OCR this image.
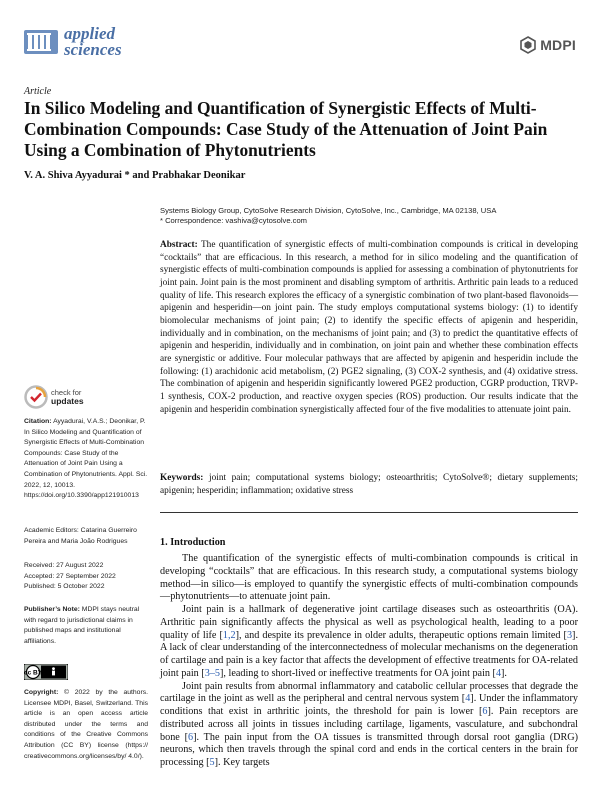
applied
sciences	MDPI
Article
In Silico Modeling and Quantification of Synergistic Effects of Multi-Combination Compounds: Case Study of the Attenuation of Joint Pain Using a Combination of Phytonutrients
V. A. Shiva Ayyadurai * and Prabhakar Deonikar
Systems Biology Group, CytoSolve Research Division, CytoSolve, Inc., Cambridge, MA 02138, USA
* Correspondence: vashiva@cytosolve.com
Abstract: The quantification of synergistic effects of multi-combination compounds is critical in developing “cocktails” that are efficacious. In this research, a method for in silico modeling and the quantification of synergistic effects of multi-combination compounds is applied for assessing a combination of phytonutrients for joint pain. Joint pain is the most prominent and disabling symptom of arthritis. Arthritic pain leads to a reduced quality of life. This research explores the efficacy of a synergistic combination of two plant-based flavonoids—apigenin and hesperidin—on joint pain. The study employs computational systems biology: (1) to identify biomolecular mechanisms of joint pain; (2) to identify the specific effects of apigenin and hesperidin, individually and in combination, on the mechanisms of joint pain; and (3) to predict the quantitative effects of apigenin and hesperidin, individually and in combination, on joint pain and whether these combination effects are synergistic or additive. Four molecular pathways that are affected by apigenin and hesperidin include the following: (1) arachidonic acid metabolism, (2) PGE2 signaling, (3) COX-2 synthesis, and (4) oxidative stress. The combination of apigenin and hesperidin significantly lowered PGE2 production, CGRP production, TRVP-1 synthesis, COX-2 production, and reactive oxygen species (ROS) production. Our results indicate that the apigenin and hesperidin combination synergistically affected four of the five modalities to attenuate joint pain.
Keywords: joint pain; computational systems biology; osteoarthritis; CytoSolve®; dietary supplements; apigenin; hesperidin; inflammation; oxidative stress
check for
updates
Citation: Ayyadurai, V.A.S.; Deonikar, P. In Silico Modeling and Quantification of Synergistic Effects of Multi-Combination Compounds: Case Study of the Attenuation of Joint Pain Using a Combination of Phytonutrients. Appl. Sci. 2022, 12, 10013. https://doi.org/10.3390/app121910013
Academic Editors: Catarina Guerreiro Pereira and Maria João Rodrigues
Received: 27 August 2022
Accepted: 27 September 2022
Published: 5 October 2022
Publisher’s Note: MDPI stays neutral with regard to jurisdictional claims in published maps and institutional affiliations.
cc BY
Copyright: © 2022 by the authors. Licensee MDPI, Basel, Switzerland. This article is an open access article distributed under the terms and conditions of the Creative Commons Attribution (CC BY) license (https:// creativecommons.org/licenses/by/ 4.0/).
1. Introduction

The quantification of the synergistic effects of multi-combination compounds is critical in developing “cocktails” that are efficacious. In this research study, a computational systems biology method—in silico—is employed to quantify the synergistic effects of multi-combination compounds—phytonutrients—to attenuate joint pain.

Joint pain is a hallmark of degenerative joint cartilage diseases such as osteoarthritis (OA). Arthritic pain significantly affects the physical as well as psychological health, leading to a poor quality of life [1,2], and despite its prevalence in older adults, therapeutic options remain limited [3]. A lack of clear understanding of the interconnectedness of molecular mechanisms on the degeneration of cartilage and pain is a key factor that affects the development of effective treatments for OA-related joint pain [3–5], leading to short-lived or ineffective treatments for OA joint pain [4].

Joint pain results from abnormal inflammatory and catabolic cellular processes that degrade the cartilage in the joint as well as the peripheral and central nervous system [4]. Under the inflammatory conditions that exist in arthritic joints, the threshold for pain is lower [6]. Pain receptors are distributed across all joints in tissues including cartilage, ligaments, vasculature, and subchondral bone [6]. The pain input from the OA tissues is transmitted through dorsal root ganglia (DRG) neurons, which then travels through the spinal cord and ends in the cortical centers in the brain for processing [5]. Key targets
